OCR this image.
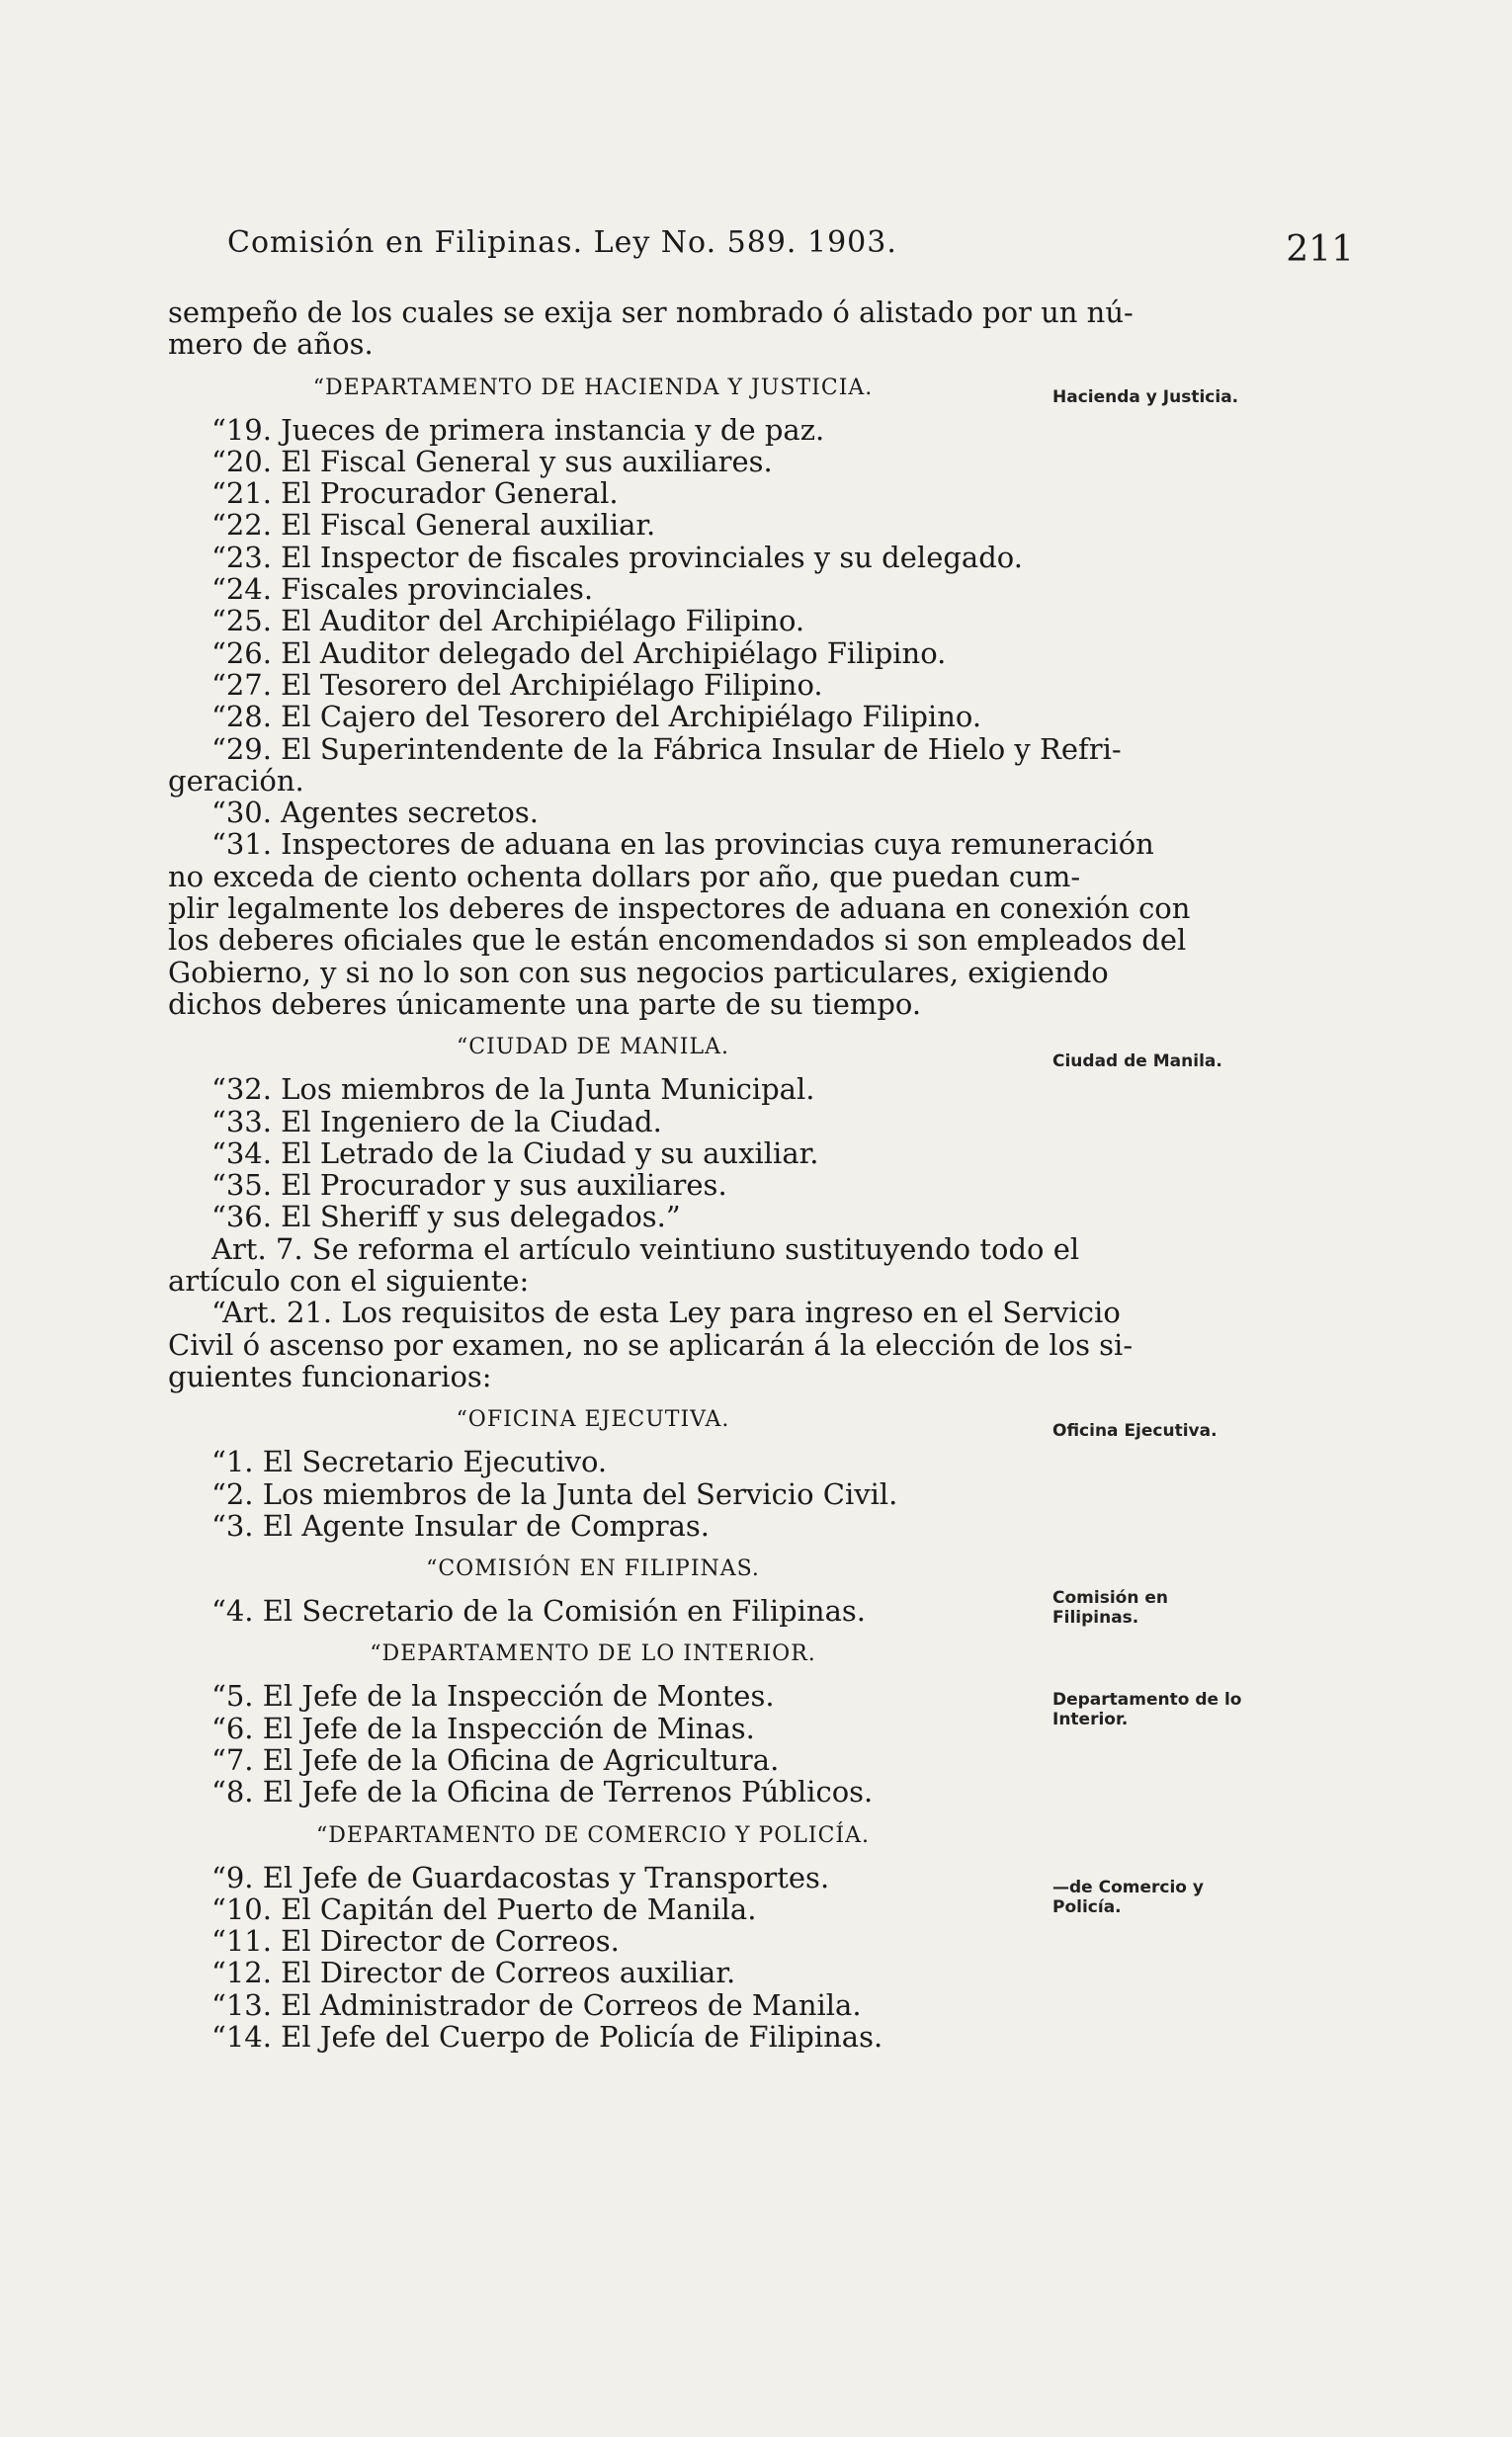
Comisión en Filipinas. Ley No. 589. 1903.	211
Hacienda y Justicia.
Ciudad de Manila.
Oficina Ejecutiva.
Comisión en Filipinas.
Departamento de lo Interior.
—de Comercio y Policía.
sempeño de los cuales se exija ser nombrado ó alistado por un nú-
mero de años.
“DEPARTAMENTO DE HACIENDA Y JUSTICIA.
“19. Jueces de primera instancia y de paz.
“20. El Fiscal General y sus auxiliares.
“21. El Procurador General.
“22. El Fiscal General auxiliar.
“23. El Inspector de fiscales provinciales y su delegado.
“24. Fiscales provinciales.
“25. El Auditor del Archipiélago Filipino.
“26. El Auditor delegado del Archipiélago Filipino.
“27. El Tesorero del Archipiélago Filipino.
“28. El Cajero del Tesorero del Archipiélago Filipino.
“29. El Superintendente de la Fábrica Insular de Hielo y Refri-
geración.
“30. Agentes secretos.
“31. Inspectores de aduana en las provincias cuya remuneración
no exceda de ciento ochenta dollars por año, que puedan cum-
plir legalmente los deberes de inspectores de aduana en conexión con
los deberes oficiales que le están encomendados si son empleados del
Gobierno, y si no lo son con sus negocios particulares, exigiendo
dichos deberes únicamente una parte de su tiempo.
“CIUDAD DE MANILA.
“32. Los miembros de la Junta Municipal.
“33. El Ingeniero de la Ciudad.
“34. El Letrado de la Ciudad y su auxiliar.
“35. El Procurador y sus auxiliares.
“36. El Sheriff y sus delegados.”
Art. 7. Se reforma el artículo veintiuno sustituyendo todo el
artículo con el siguiente:
“Art. 21. Los requisitos de esta Ley para ingreso en el Servicio
Civil ó ascenso por examen, no se aplicarán á la elección de los si-
guientes funcionarios:
“OFICINA EJECUTIVA.
“1. El Secretario Ejecutivo.
“2. Los miembros de la Junta del Servicio Civil.
“3. El Agente Insular de Compras.
“COMISIÓN EN FILIPINAS.
“4. El Secretario de la Comisión en Filipinas.
“DEPARTAMENTO DE LO INTERIOR.
“5. El Jefe de la Inspección de Montes.
“6. El Jefe de la Inspección de Minas.
“7. El Jefe de la Oficina de Agricultura.
“8. El Jefe de la Oficina de Terrenos Públicos.
“DEPARTAMENTO DE COMERCIO Y POLICÍA.
“9. El Jefe de Guardacostas y Transportes.
“10. El Capitán del Puerto de Manila.
“11. El Director de Correos.
“12. El Director de Correos auxiliar.
“13. El Administrador de Correos de Manila.
“14. El Jefe del Cuerpo de Policía de Filipinas.
